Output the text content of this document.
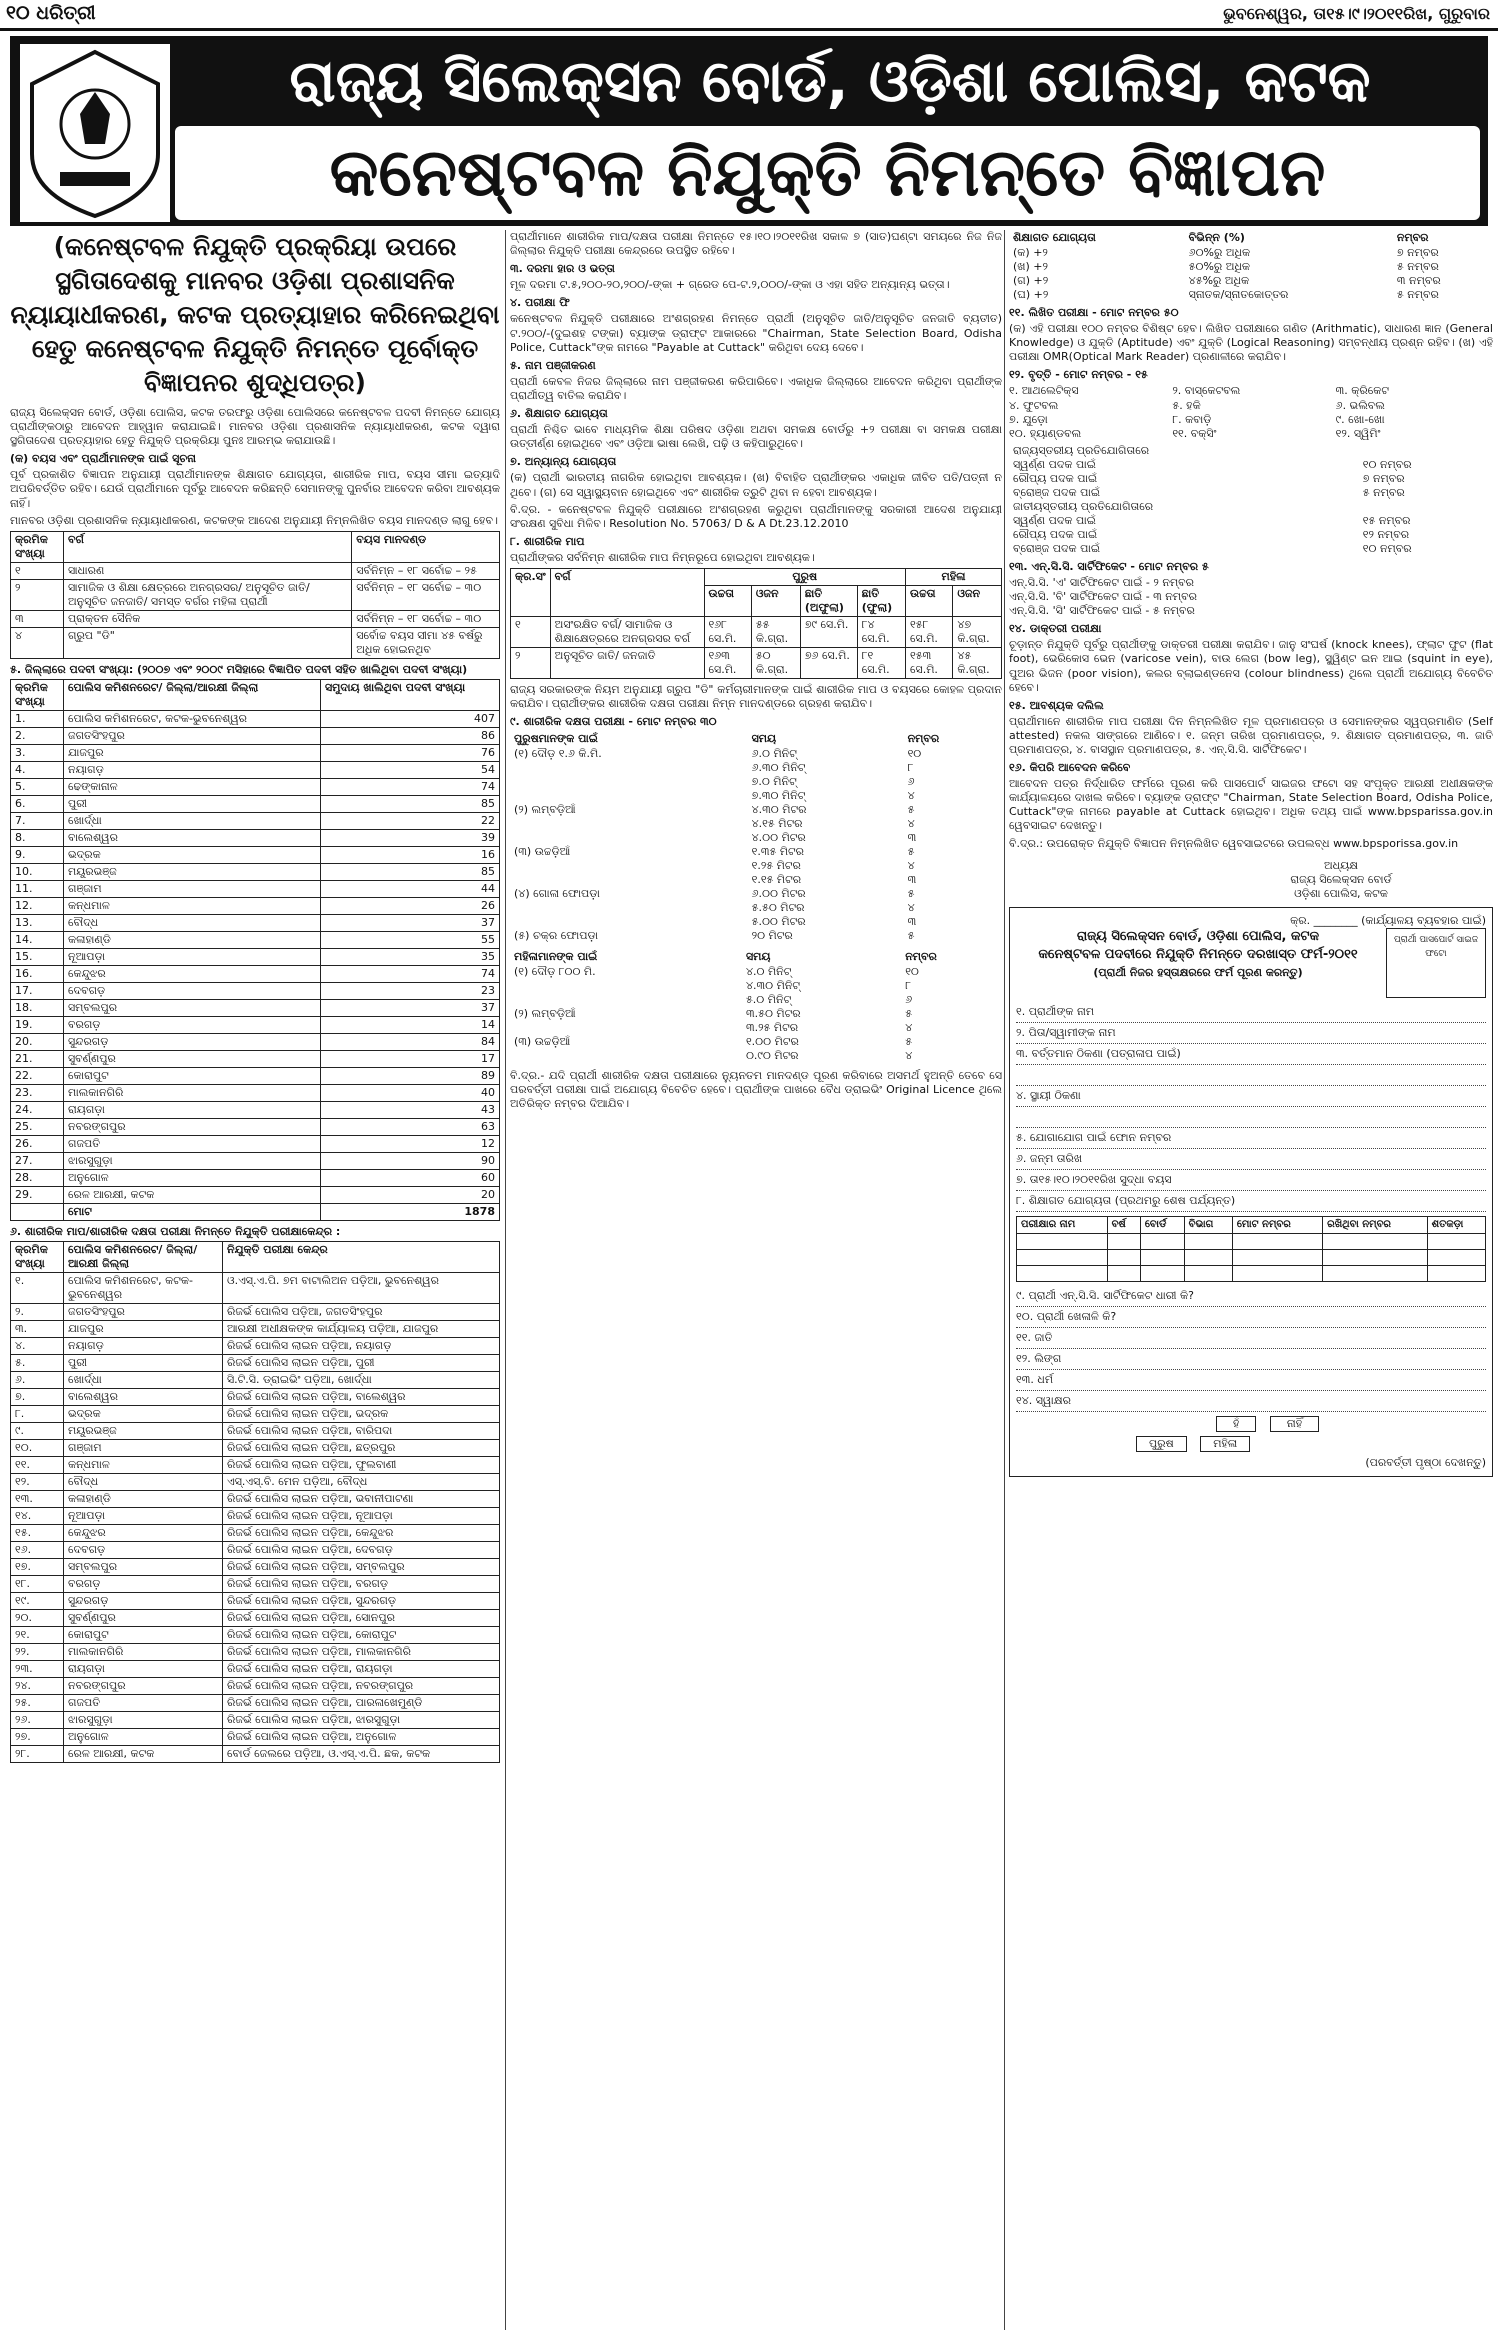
୧୦ ଧରିତ୍ରୀ	ଭୁବନେଶ୍ୱର, ତା୧୫।୯।୨୦୧୧ରିଖ, ଗୁରୁବାର
ରାଜ୍ୟ ସିଲେକ୍ସନ ବୋର୍ଡ, ଓଡ଼ିଶା ପୋଲିସ, କଟକ
କନେଷ୍ଟବଳ ନିଯୁକ୍ତି ନିମନ୍ତେ ବିଜ୍ଞାପନ
(କନେଷ୍ଟବଳ ନିଯୁକ୍ତି ପ୍ରକ୍ରିୟା ଉପରେ ସ୍ଥଗିତାଦେଶକୁ ମାନବର ଓଡ଼ିଶା ପ୍ରଶାସନିକ ନ୍ୟାୟାଧୀକରଣ, କଟକ ପ୍ରତ୍ୟାହାର କରିନେଇଥିବା ହେତୁ କନେଷ୍ଟବଳ ନିଯୁକ୍ତି ନିମନ୍ତେ ପୂର୍ବୋକ୍ତ ବିଜ୍ଞାପନର ଶୁଦ୍ଧିପତ୍ର)

ରାଜ୍ୟ ସିଲେକ୍ସନ ବୋର୍ଡ, ଓଡ଼ିଶା ପୋଲିସ, କଟକ ତରଫରୁ ଓଡ଼ିଶା ପୋଲିସରେ କନେଷ୍ଟବଳ ପଦବୀ ନିମନ୍ତେ ଯୋଗ୍ୟ ପ୍ରାର୍ଥୀଙ୍କଠାରୁ ଆବେଦନ ଆହ୍ୱାନ କରାଯାଇଛି। ମାନବର ଓଡ଼ିଶା ପ୍ରଶାସନିକ ନ୍ୟାୟାଧୀକରଣ, କଟକ ଦ୍ୱାରା ସ୍ଥଗିତାଦେଶ ପ୍ରତ୍ୟାହାର ହେତୁ ନିଯୁକ୍ତି ପ୍ରକ୍ରିୟା ପୁନଃ ଆରମ୍ଭ କରାଯାଉଛି।

(କ) ବୟସ ଏବଂ ପ୍ରାର୍ଥୀମାନଙ୍କ ପାଇଁ ସୂଚନା

ପୂର୍ବ ପ୍ରକାଶିତ ବିଜ୍ଞାପନ ଅନୁଯାୟୀ ପ୍ରାର୍ଥୀମାନଙ୍କ ଶିକ୍ଷାଗତ ଯୋଗ୍ୟତା, ଶାରୀରିକ ମାପ, ବୟସ ସୀମା ଇତ୍ୟାଦି ଅପରିବର୍ତ୍ତିତ ରହିବ। ଯେଉଁ ପ୍ରାର୍ଥୀମାନେ ପୂର୍ବରୁ ଆବେଦନ କରିଛନ୍ତି ସେମାନଙ୍କୁ ପୁନର୍ବାର ଆବେଦନ କରିବା ଆବଶ୍ୟକ ନାହିଁ।

ମାନବର ଓଡ଼ିଶା ପ୍ରଶାସନିକ ନ୍ୟାୟାଧୀକରଣ, କଟକଙ୍କ ଆଦେଶ ଅନୁଯାୟୀ ନିମ୍ନଲିଖିତ ବୟସ ମାନଦଣ୍ଡ ଲାଗୁ ହେବ।

କ୍ରମିକ ସଂଖ୍ୟା	ବର୍ଗ	ବୟସ ମାନଦଣ୍ଡ
୧	ସାଧାରଣ	ସର୍ବନିମ୍ନ – ୧୮ ସର୍ବୋଚ୍ଚ – ୨୫
୨	ସାମାଜିକ ଓ ଶିକ୍ଷା କ୍ଷେତ୍ରରେ ଅନଗ୍ରସର/ ଅନୁସୂଚିତ ଜାତି/ଅନୁସୂଚିତ ଜନଜାତି/ ସମସ୍ତ ବର୍ଗର ମହିଳା ପ୍ରାର୍ଥୀ	ସର୍ବନିମ୍ନ – ୧୮ ସର୍ବୋଚ୍ଚ – ୩୦
୩	ପ୍ରାକ୍ତନ ସୈନିକ	ସର୍ବନିମ୍ନ – ୧୮ ସର୍ବୋଚ୍ଚ – ୩୦
୪	ଗ୍ରୁପ "ଡି"	ସର୍ବୋଚ୍ଚ ବୟସ ସୀମା ୪୫ ବର୍ଷରୁ ଅଧିକ ହୋଇନଥିବ
୫. ଜିଲ୍ଲାରେ ପଦବୀ ସଂଖ୍ୟା: (୨୦୦୭ ଏବଂ ୨୦୦୯ ମସିହାରେ ବିଜ୍ଞାପିତ ପଦବୀ ସହିତ ଖାଲିଥିବା ପଦବୀ ସଂଖ୍ୟା)
କ୍ରମିକ ସଂଖ୍ୟା	ପୋଲିସ କମିଶନରେଟ/ ଜିଲ୍ଲା/ଆରକ୍ଷୀ ଜିଲ୍ଲା	ସମୁଦାୟ ଖାଲିଥିବା ପଦବୀ ସଂଖ୍ୟା
1.	ପୋଲିସ କମିଶନରେଟ, କଟକ-ଭୁବନେଶ୍ୱର	407
2.	ଜଗତସିଂହପୁର	86
3.	ଯାଜପୁର	76
4.	ନୟାଗଡ଼	54
5.	ଢେଙ୍କାନାଳ	74
6.	ପୁରୀ	85
7.	ଖୋର୍ଦ୍ଧା	22
8.	ବାଲେଶ୍ୱର	39
9.	ଭଦ୍ରକ	16
10.	ମୟୂରଭଞ୍ଜ	85
11.	ଗଞ୍ଜାମ	44
12.	କନ୍ଧମାଳ	26
13.	ବୌଦ୍ଧ	37
14.	କଳାହାଣ୍ଡି	55
15.	ନୂଆପଡ଼ା	35
16.	କେନ୍ଦୁଝର	74
17.	ଦେବଗଡ଼	23
18.	ସମ୍ବଲପୁର	37
19.	ବରଗଡ଼	14
20.	ସୁନ୍ଦରଗଡ଼	84
21.	ସୁବର୍ଣ୍ଣପୁର	17
22.	କୋରାପୁଟ	89
23.	ମାଲକାନଗିରି	40
24.	ରାୟଗଡ଼ା	43
25.	ନବରଙ୍ଗପୁର	63
26.	ଗଜପତି	12
27.	ଝାରସୁଗୁଡ଼ା	90
28.	ଅନୁଗୋଳ	60
29.	ରେଳ ଆରକ୍ଷୀ, କଟକ	20
	ମୋଟ	1878
୬. ଶାରୀରିକ ମାପ/ଶାରୀରିକ ଦକ୍ଷତା ପରୀକ୍ଷା ନିମନ୍ତେ ନିଯୁକ୍ତି ପରୀକ୍ଷାକେନ୍ଦ୍ର :
କ୍ରମିକ ସଂଖ୍ୟା	ପୋଲିସ କମିଶନରେଟ/ ଜିଲ୍ଲା/ଆରକ୍ଷୀ ଜିଲ୍ଲା	ନିଯୁକ୍ତି ପରୀକ୍ଷା କେନ୍ଦ୍ର
୧.	ପୋଲିସ କମିଶନରେଟ, କଟକ-ଭୁବନେଶ୍ୱର	ଓ.ଏସ୍.ଏ.ପି. ୭ମ ବାଟାଲିଅନ ପଡ଼ିଆ, ଭୁବନେଶ୍ୱର
୨.	ଜଗତସିଂହପୁର	ରିଜର୍ଭ ପୋଲିସ ପଡ଼ିଆ, ଜଗତସିଂହପୁର
୩.	ଯାଜପୁର	ଆରକ୍ଷୀ ଅଧୀକ୍ଷକଙ୍କ କାର୍ଯ୍ୟାଳୟ ପଡ଼ିଆ, ଯାଜପୁର
୪.	ନୟାଗଡ଼	ରିଜର୍ଭ ପୋଲିସ ଲାଇନ ପଡ଼ିଆ, ନୟାଗଡ଼
୫.	ପୁରୀ	ରିଜର୍ଭ ପୋଲିସ ଲାଇନ ପଡ଼ିଆ, ପୁରୀ
୬.	ଖୋର୍ଦ୍ଧା	ସି.ଟି.ସି. ଡ୍ରାଇଭିଂ ପଡ଼ିଆ, ଖୋର୍ଦ୍ଧା
୭.	ବାଲେଶ୍ୱର	ରିଜର୍ଭ ପୋଲିସ ଲାଇନ ପଡ଼ିଆ, ବାଲେଶ୍ୱର
୮.	ଭଦ୍ରକ	ରିଜର୍ଭ ପୋଲିସ ଲାଇନ ପଡ଼ିଆ, ଭଦ୍ରକ
୯.	ମୟୂରଭଞ୍ଜ	ରିଜର୍ଭ ପୋଲିସ ଲାଇନ ପଡ଼ିଆ, ବାରିପଦା
୧୦.	ଗଞ୍ଜାମ	ରିଜର୍ଭ ପୋଲିସ ଲାଇନ ପଡ଼ିଆ, ଛତ୍ରପୁର
୧୧.	କନ୍ଧମାଳ	ରିଜର୍ଭ ପୋଲିସ ଲାଇନ ପଡ଼ିଆ, ଫୁଲବାଣୀ
୧୨.	ବୌଦ୍ଧ	ଏସ୍.ଏସ୍.ବି. ମେନ ପଡ଼ିଆ, ବୌଦ୍ଧ
୧୩.	କଳାହାଣ୍ଡି	ରିଜର୍ଭ ପୋଲିସ ଲାଇନ ପଡ଼ିଆ, ଭବାନୀପାଟଣା
୧୪.	ନୂଆପଡ଼ା	ରିଜର୍ଭ ପୋଲିସ ଲାଇନ ପଡ଼ିଆ, ନୂଆପଡ଼ା
୧୫.	କେନ୍ଦୁଝର	ରିଜର୍ଭ ପୋଲିସ ଲାଇନ ପଡ଼ିଆ, କେନ୍ଦୁଝର
୧୬.	ଦେବଗଡ଼	ରିଜର୍ଭ ପୋଲିସ ଲାଇନ ପଡ଼ିଆ, ଦେବଗଡ଼
୧୭.	ସମ୍ବଲପୁର	ରିଜର୍ଭ ପୋଲିସ ଲାଇନ ପଡ଼ିଆ, ସମ୍ବଲପୁର
୧୮.	ବରଗଡ଼	ରିଜର୍ଭ ପୋଲିସ ଲାଇନ ପଡ଼ିଆ, ବରଗଡ଼
୧୯.	ସୁନ୍ଦରଗଡ଼	ରିଜର୍ଭ ପୋଲିସ ଲାଇନ ପଡ଼ିଆ, ସୁନ୍ଦରଗଡ଼
୨୦.	ସୁବର୍ଣ୍ଣପୁର	ରିଜର୍ଭ ପୋଲିସ ଲାଇନ ପଡ଼ିଆ, ସୋନପୁର
୨୧.	କୋରାପୁଟ	ରିଜର୍ଭ ପୋଲିସ ଲାଇନ ପଡ଼ିଆ, କୋରାପୁଟ
୨୨.	ମାଲକାନଗିରି	ରିଜର୍ଭ ପୋଲିସ ଲାଇନ ପଡ଼ିଆ, ମାଲକାନଗିରି
୨୩.	ରାୟଗଡ଼ା	ରିଜର୍ଭ ପୋଲିସ ଲାଇନ ପଡ଼ିଆ, ରାୟଗଡ଼ା
୨୪.	ନବରଙ୍ଗପୁର	ରିଜର୍ଭ ପୋଲିସ ଲାଇନ ପଡ଼ିଆ, ନବରଙ୍ଗପୁର
୨୫.	ଗଜପତି	ରିଜର୍ଭ ପୋଲିସ ଲାଇନ ପଡ଼ିଆ, ପାରଳାଖେମୁଣ୍ଡି
୨୬.	ଝାରସୁଗୁଡ଼ା	ରିଜର୍ଭ ପୋଲିସ ଲାଇନ ପଡ଼ିଆ, ଝାରସୁଗୁଡ଼ା
୨୭.	ଅନୁଗୋଳ	ରିଜର୍ଭ ପୋଲିସ ଲାଇନ ପଡ଼ିଆ, ଅନୁଗୋଳ
୨୮.	ରେଳ ଆରକ୍ଷୀ, କଟକ	ବୋର୍ଡ ଜେଲରେ ପଡ଼ିଆ, ଓ.ଏସ୍.ଏ.ପି. ଛକ, କଟକ

ପ୍ରାର୍ଥୀମାନେ ଶାରୀରିକ ମାପ/ଦକ୍ଷତା ପରୀକ୍ଷା ନିମନ୍ତେ ୧୫।୧୦।୨୦୧୧ରିଖ ସକାଳ ୭ (ସାତ)ଘଣ୍ଟା ସମୟରେ ନିଜ ନିଜ ଜିଲ୍ଲାର ନିଯୁକ୍ତି ପରୀକ୍ଷା କେନ୍ଦ୍ରରେ ଉପସ୍ଥିତ ରହିବେ।

୩. ଦରମା ହାର ଓ ଭତ୍ତା

ମୂଳ ଦରମା ଟ.୫,୨୦୦-୨୦,୨୦୦/-ଙ୍କା + ଗ୍ରେଡ ପେ-ଟ.୨,୦୦୦/-ଙ୍କା ଓ ଏହା ସହିତ ଅନ୍ୟାନ୍ୟ ଭତ୍ତା।

୪. ପରୀକ୍ଷା ଫି

କନେଷ୍ଟବଳ ନିଯୁକ୍ତି ପରୀକ୍ଷାରେ ଅଂଶଗ୍ରହଣ ନିମନ୍ତେ ପ୍ରାର୍ଥୀ (ଅନୁସୂଚିତ ଜାତି/ଅନୁସୂଚିତ ଜନଜାତି ବ୍ୟତୀତ) ଟ.୨୦୦/-(ଦୁଇଶହ ଟଙ୍କା) ବ୍ୟାଙ୍କ ଡ୍ରାଫ୍ଟ ଆକାରରେ "Chairman, State Selection Board, Odisha Police, Cuttack"ଙ୍କ ନାମରେ "Payable at Cuttack" କରିଥିବା ଦେୟ ଦେବେ।

୫. ନାମ ପଞ୍ଜୀକରଣ

ପ୍ରାର୍ଥୀ କେବଳ ନିଜର ଜିଲ୍ଲାରେ ନାମ ପଞ୍ଜୀକରଣ କରିପାରିବେ। ଏକାଧିକ ଜିଲ୍ଲାରେ ଆବେଦନ କରିଥିବା ପ୍ରାର୍ଥୀଙ୍କ ପ୍ରାର୍ଥୀତ୍ୱ ବାତିଲ କରାଯିବ।

୬. ଶିକ୍ଷାଗତ ଯୋଗ୍ୟତା

ପ୍ରାର୍ଥୀ ନିଶ୍ଚିତ ଭାବେ ମାଧ୍ୟମିକ ଶିକ୍ଷା ପରିଷଦ ଓଡ଼ିଶା ଅଥବା ସମକକ୍ଷ ବୋର୍ଡରୁ +୨ ପରୀକ୍ଷା ବା ସମକକ୍ଷ ପରୀକ୍ଷା ଉତ୍ତୀର୍ଣ୍ଣ ହୋଇଥିବେ ଏବଂ ଓଡ଼ିଆ ଭାଷା ଲେଖି, ପଢ଼ି ଓ କହିପାରୁଥିବେ।

୭. ଅନ୍ୟାନ୍ୟ ଯୋଗ୍ୟତା

(କ) ପ୍ରାର୍ଥୀ ଭାରତୀୟ ନାଗରିକ ହୋଇଥିବା ଆବଶ୍ୟକ। (ଖ) ବିବାହିତ ପ୍ରାର୍ଥୀଙ୍କର ଏକାଧିକ ଜୀବିତ ପତି/ପତ୍ନୀ ନ ଥିବେ। (ଗ) ସେ ସ୍ୱାସ୍ଥ୍ୟବାନ ହୋଇଥିବେ ଏବଂ ଶାରୀରିକ ତ୍ରୁଟି ଥିବା ନ ହେବା ଆବଶ୍ୟକ।

ବି.ଦ୍ର. - କନେଷ୍ଟବଳ ନିଯୁକ୍ତି ପରୀକ୍ଷାରେ ଅଂଶଗ୍ରହଣ କରୁଥିବା ପ୍ରାର୍ଥୀମାନଙ୍କୁ ସରକାରୀ ଆଦେଶ ଅନୁଯାୟୀ ସଂରକ୍ଷଣ ସୁବିଧା ମିଳିବ। Resolution No. 57063/ D & A Dt.23.12.2010

୮. ଶାରୀରିକ ମାପ

ପ୍ରାର୍ଥୀଙ୍କର ସର୍ବନିମ୍ନ ଶାରୀରିକ ମାପ ନିମ୍ନରୂପେ ହୋଇଥିବା ଆବଶ୍ୟକ।

କ୍ର.ସଂ	ବର୍ଗ	ପୁରୁଷ				ମହିଳା	
		ଉଚ୍ଚତା	ଓଜନ	ଛାତି (ଅଫୁଲା)	ଛାତି (ଫୁଲା)	ଉଚ୍ଚତା	ଓଜନ
୧	ଅସଂରକ୍ଷିତ ବର୍ଗ/ ସାମାଜିକ ଓ ଶିକ୍ଷାକ୍ଷେତ୍ରରେ ଅନଗ୍ରସର ବର୍ଗ	୧୬୮ ସେ.ମି.	୫୫ କି.ଗ୍ରା.	୭୯ ସେ.ମି.	୮୪ ସେ.ମି.	୧୫୮ ସେ.ମି.	୪୭ କି.ଗ୍ରା.
୨	ଅନୁସୂଚିତ ଜାତି/ ଜନଜାତି	୧୬୩ ସେ.ମି.	୫୦ କି.ଗ୍ରା.	୭୬ ସେ.ମି.	୮୧ ସେ.ମି.	୧୫୩ ସେ.ମି.	୪୫ କି.ଗ୍ରା.

ରାଜ୍ୟ ସରକାରଙ୍କ ନିୟମ ଅନୁଯାୟୀ ଗ୍ରୁପ "ଡି" କର୍ମଚାରୀମାନଙ୍କ ପାଇଁ ଶାରୀରିକ ମାପ ଓ ବୟସରେ କୋହଳ ପ୍ରଦାନ କରାଯିବ। ପ୍ରାର୍ଥୀଙ୍କର ଶାରୀରିକ ଦକ୍ଷତା ପରୀକ୍ଷା ନିମ୍ନ ମାନଦଣ୍ଡରେ ଗ୍ରହଣ କରାଯିବ।

୯. ଶାରୀରିକ ଦକ୍ଷତା ପରୀକ୍ଷା - ମୋଟ ନମ୍ବର ୩୦
ପୁରୁଷମାନଙ୍କ ପାଇଁ	ସମୟ	ନମ୍ବର
(୧) ଦୌଡ଼ ୧.୬ କି.ମି.	୬.୦ ମିନିଟ୍	୧୦
	୬.୩୦ ମିନିଟ୍	୮
	୭.୦ ମିନିଟ୍	୬
	୭.୩୦ ମିନିଟ୍	୪
(୨) ଲମ୍ବଡ଼ିଆଁ	୪.୩୦ ମିଟର	୫
	୪.୧୫ ମିଟର	୪
	୪.୦୦ ମିଟର	୩
(୩) ଉଚ୍ଚଡ଼ିଆଁ	୧.୩୫ ମିଟର	୫
	୧.୨୫ ମିଟର	୪
	୧.୧୫ ମିଟର	୩
(୪) ଗୋଳା ଫୋପଡ଼ା	୬.୦୦ ମିଟର	୫
	୫.୫୦ ମିଟର	୪
	୫.୦୦ ମିଟର	୩
(୫) ଚକ୍ର ଫୋପଡ଼ା	୨୦ ମିଟର	୫
ମହିଳାମାନଙ୍କ ପାଇଁ	ସମୟ	ନମ୍ବର
(୧) ଦୌଡ଼ ୮୦୦ ମି.	୪.୦ ମିନିଟ୍	୧୦
	୪.୩୦ ମିନିଟ୍	୮
	୫.୦ ମିନିଟ୍	୬
(୨) ଲମ୍ବଡ଼ିଆଁ	୩.୫୦ ମିଟର	୫
	୩.୨୫ ମିଟର	୪
(୩) ଉଚ୍ଚଡ଼ିଆଁ	୧.୦୦ ମିଟର	୫
	୦.୯୦ ମିଟର	୪

ବି.ଦ୍ର.- ଯଦି ପ୍ରାର୍ଥୀ ଶାରୀରିକ ଦକ୍ଷତା ପରୀକ୍ଷାରେ ନ୍ୟୁନତମ ମାନଦଣ୍ଡ ପୂରଣ କରିବାରେ ଅସମର୍ଥ ହୁଅନ୍ତି ତେବେ ସେ ପରବର୍ତ୍ତୀ ପରୀକ୍ଷା ପାଇଁ ଅଯୋଗ୍ୟ ବିବେଚିତ ହେବେ। ପ୍ରାର୍ଥୀଙ୍କ ପାଖରେ ବୈଧ ଡ୍ରାଇଭିଂ Original Licence ଥିଲେ ଅତିରିକ୍ତ ନମ୍ବର ଦିଆଯିବ।

ଶିକ୍ଷାଗତ ଯୋଗ୍ୟତା	ବିଭିନ୍ନ (%)	ନମ୍ବର
(କ) +୨	୬୦%ରୁ ଅଧିକ	୭ ନମ୍ବର
(ଖ) +୨	୫୦%ରୁ ଅଧିକ	୫ ନମ୍ବର
(ଗ) +୨	୪୫%ରୁ ଅଧିକ	୩ ନମ୍ବର
(ଘ) +୨	ସ୍ନାତକ/ସ୍ନାତକୋତ୍ତର	୫ ନମ୍ବର
୧୧. ଲିଖିତ ପରୀକ୍ଷା - ମୋଟ ନମ୍ବର ୫୦

(କ) ଏହି ପରୀକ୍ଷା ୧୦୦ ନମ୍ବର ବିଶିଷ୍ଟ ହେବ। ଲିଖିତ ପରୀକ୍ଷାରେ ଗଣିତ (Arithmatic), ସାଧାରଣ ଜ୍ଞାନ (General Knowledge) ଓ ଯୁକ୍ତି (Aptitude) ଏବଂ ଯୁକ୍ତି (Logical Reasoning) ସମ୍ବନ୍ଧୀୟ ପ୍ରଶ୍ନ ରହିବ। (ଖ) ଏହି ପରୀକ୍ଷା OMR(Optical Mark Reader) ପ୍ରଣାଳୀରେ କରାଯିବ।

୧୨. ବୃତ୍ତି - ମୋଟ ନମ୍ବର - ୧୫
୧. ଆଥଲେଟିକ୍ସ	୨. ବାସ୍କେଟବଲ	୩. କ୍ରିକେଟ
୪. ଫୁଟବଲ	୫. ହକି	୬. ଭଲିବଲ
୭. ଯୁଡ଼ୋ	୮. କବାଡ଼ି	୯. ଖୋ-ଖୋ
୧୦. ହ୍ୟାଣ୍ଡବଲ	୧୧. ବକ୍ସିଂ	୧୨. ସ୍ୱିମିଂ
ରାଜ୍ୟସ୍ତରୀୟ ପ୍ରତିଯୋଗିତାରେ	
ସ୍ୱର୍ଣ୍ଣ ପଦକ ପାଇଁ	୧୦ ନମ୍ବର
ରୌପ୍ୟ ପଦକ ପାଇଁ	୭ ନମ୍ବର
ବ୍ରୋଞ୍ଜ ପଦକ ପାଇଁ	୫ ନମ୍ବର
ଜାତୀୟସ୍ତରୀୟ ପ୍ରତିଯୋଗିତାରେ	
ସ୍ୱର୍ଣ୍ଣ ପଦକ ପାଇଁ	୧୫ ନମ୍ବର
ରୌପ୍ୟ ପଦକ ପାଇଁ	୧୨ ନମ୍ବର
ବ୍ରୋଞ୍ଜ ପଦକ ପାଇଁ	୧୦ ନମ୍ବର
୧୩. ଏନ୍.ସି.ସି. ସାର୍ଟିଫିକେଟ - ମୋଟ ନମ୍ବର ୫
ଏନ୍.ସି.ସି. 'ଏ' ସାର୍ଟିଫିକେଟ ପାଇଁ - ୨ ନମ୍ବର
ଏନ୍.ସି.ସି. 'ବି' ସାର୍ଟିଫିକେଟ ପାଇଁ - ୩ ନମ୍ବର
ଏନ୍.ସି.ସି. 'ସି' ସାର୍ଟିଫିକେଟ ପାଇଁ - ୫ ନମ୍ବର
୧୪. ଡାକ୍ତରୀ ପରୀକ୍ଷା

ଚୂଡ଼ାନ୍ତ ନିଯୁକ୍ତି ପୂର୍ବରୁ ପ୍ରାର୍ଥୀଙ୍କୁ ଡାକ୍ତରୀ ପରୀକ୍ଷା କରାଯିବ। ଜାନୁ ସଂଘର୍ଷ (knock knees), ଫ୍ଲାଟ ଫୁଟ (flat foot), ଭେରିକୋସ ଭେନ (varicose vein), ବାଉ ଲେଗ (bow leg), ସ୍କ୍ୱିଣ୍ଟ ଇନ ଆଇ (squint in eye), ପୁଅର ଭିଜନ (poor vision), କଲର ବ୍ଲାଇଣ୍ଡନେସ (colour blindness) ଥିଲେ ପ୍ରାର୍ଥୀ ଅଯୋଗ୍ୟ ବିବେଚିତ ହେବେ।

୧୫. ଆବଶ୍ୟକ ଦଲିଲ

ପ୍ରାର୍ଥୀମାନେ ଶାରୀରିକ ମାପ ପରୀକ୍ଷା ଦିନ ନିମ୍ନଲିଖିତ ମୂଳ ପ୍ରମାଣପତ୍ର ଓ ସେମାନଙ୍କର ସ୍ୱପ୍ରମାଣିତ (Self attested) ନକଲ ସାଙ୍ଗରେ ଆଣିବେ। ୧. ଜନ୍ମ ତାରିଖ ପ୍ରମାଣପତ୍ର, ୨. ଶିକ୍ଷାଗତ ପ୍ରମାଣପତ୍ର, ୩. ଜାତି ପ୍ରମାଣପତ୍ର, ୪. ବାସସ୍ଥାନ ପ୍ରମାଣପତ୍ର, ୫. ଏନ୍.ସି.ସି. ସାର୍ଟିଫିକେଟ।

୧୬. କିପରି ଆବେଦନ କରିବେ

ଆବେଦନ ପତ୍ର ନିର୍ଦ୍ଧାରିତ ଫର୍ମରେ ପୂରଣ କରି ପାସପୋର୍ଟ ସାଇଜର ଫଟୋ ସହ ସଂପୃକ୍ତ ଆରକ୍ଷୀ ଅଧୀକ୍ଷକଙ୍କ କାର୍ଯ୍ୟାଳୟରେ ଦାଖଲ କରିବେ। ବ୍ୟାଙ୍କ ଡ୍ରାଫ୍ଟ "Chairman, State Selection Board, Odisha Police, Cuttack"ଙ୍କ ନାମରେ payable at Cuttack ହୋଇଥିବ। ଅଧିକ ତଥ୍ୟ ପାଇଁ www.bpsparissa.gov.in ୱେବସାଇଟ ଦେଖନ୍ତୁ।

ବି.ଦ୍ର.: ଉପରୋକ୍ତ ନିଯୁକ୍ତି ବିଜ୍ଞାପନ ନିମ୍ନଲିଖିତ ୱେବସାଇଟରେ ଉପଲବ୍ଧ www.bpsporissa.gov.in

ଅଧ୍ୟକ୍ଷ
ରାଜ୍ୟ ସିଲେକ୍ସନ ବୋର୍ଡ
ଓଡ଼ିଶା ପୋଲିସ, କଟକ
କ୍ର. ________ (କାର୍ଯ୍ୟାଳୟ ବ୍ୟବହାର ପାଇଁ)
ପ୍ରାର୍ଥୀ ପାସପୋର୍ଟ ସାଇଜ ଫଟୋ
ରାଜ୍ୟ ସିଲେକ୍ସନ ବୋର୍ଡ, ଓଡ଼ିଶା ପୋଲିସ, କଟକ
କନେଷ୍ଟବଳ ପଦବୀରେ ନିଯୁକ୍ତି ନିମନ୍ତେ ଦରଖାସ୍ତ ଫର୍ମ-୨୦୧୧
(ପ୍ରାର୍ଥୀ ନିଜର ହସ୍ତାକ୍ଷରରେ ଫର୍ମ ପୂରଣ କରନ୍ତୁ)
୧. ପ୍ରାର୍ଥୀଙ୍କ ନାମ
୨. ପିତା/ସ୍ୱାମୀଙ୍କ ନାମ
୩. ବର୍ତ୍ତମାନ ଠିକଣା (ପତ୍ରାଳାପ ପାଇଁ)
୪. ସ୍ଥାୟୀ ଠିକଣା
୫. ଯୋଗାଯୋଗ ପାଇଁ ଫୋନ ନମ୍ବର
୬. ଜନ୍ମ ତାରିଖ
୭. ତା୧୫।୧୦।୨୦୧୧ରିଖ ସୁଦ୍ଧା ବୟସ
୮. ଶିକ୍ଷାଗତ ଯୋଗ୍ୟତା (ପ୍ରଥମରୁ ଶେଷ ପର୍ଯ୍ୟନ୍ତ)
ପରୀକ୍ଷାର ନାମ	ବର୍ଷ	ବୋର୍ଡ	ବିଭାଗ	ମୋଟ ନମ୍ବର	ରଖିଥିବା ନମ୍ବର	ଶତକଡ଼ା

୯. ପ୍ରାର୍ଥୀ ଏନ୍.ସି.ସି. ସାର୍ଟିଫିକେଟ ଧାରୀ କି?
୧୦. ପ୍ରାର୍ଥୀ ଖେଳାଳି କି?
୧୧. ଜାତି
୧୨. ଲିଙ୍ଗ
୧୩. ଧର୍ମ
୧୪. ସ୍ୱାକ୍ଷର
ହଁ	ନାହିଁ
ପୁରୁଷ	ମହିଳା
(ପରବର୍ତ୍ତୀ ପୃଷ୍ଠା ଦେଖନ୍ତୁ)
